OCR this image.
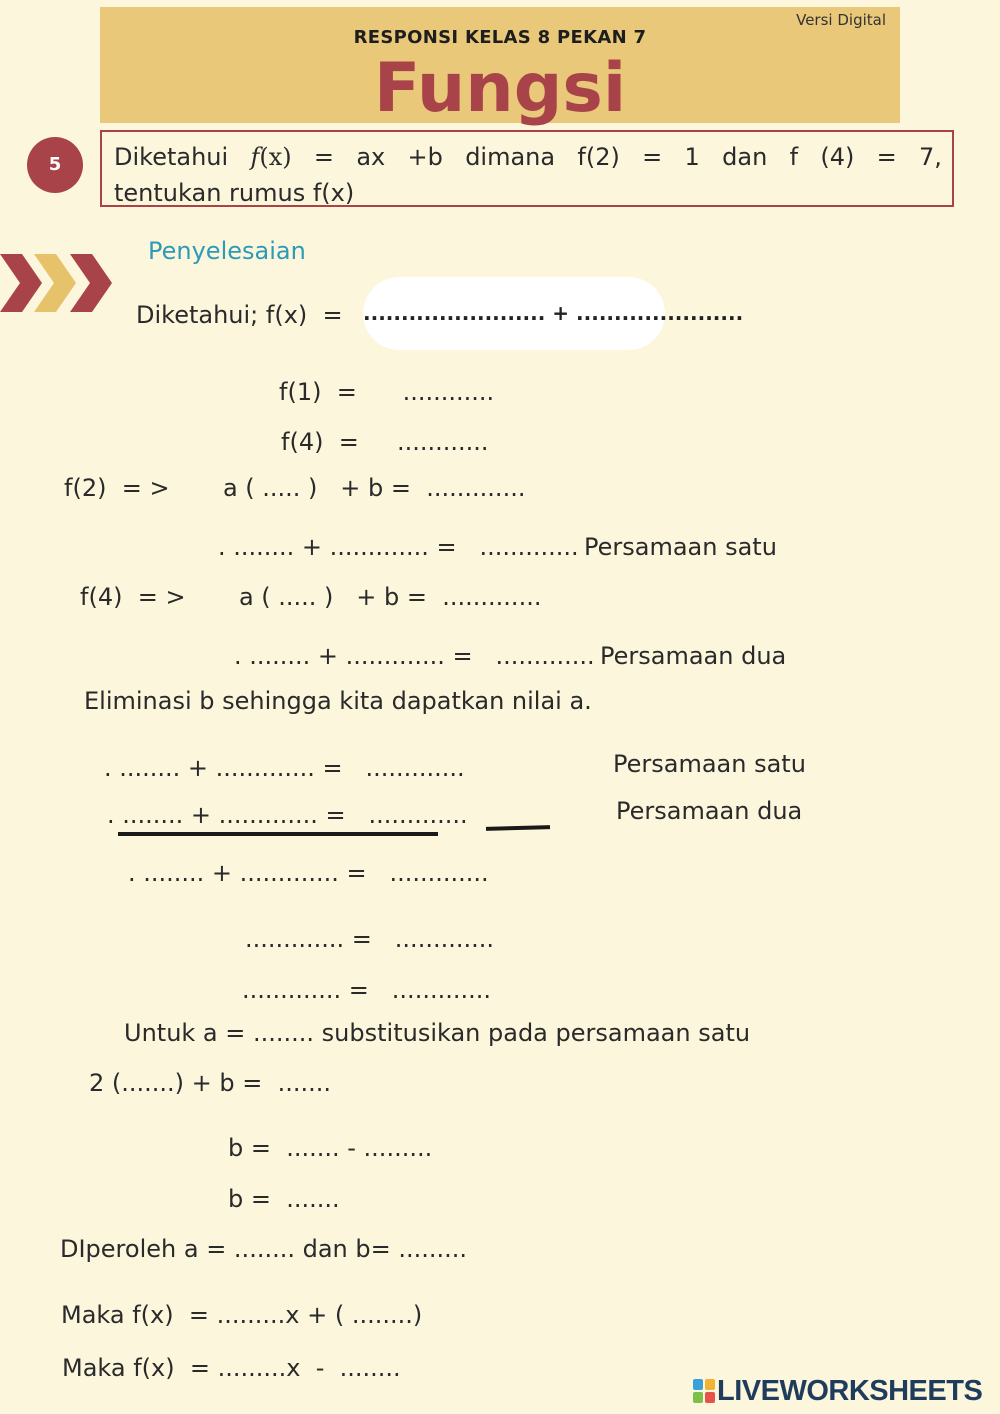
Versi Digital
RESPONSI KELAS 8 PEKAN 7
Fungsi
5	Diketahui 𝑓(x) = ax +b dimana f(2) = 1 dan f (4) = 7,
tentukan rumus f(x)
Penyelesaian
Diketahui; f(x)  = ........................ + ......................
f(1)  =      ............
f(4)  =     ............
f(2)  = >       a ( ..... )   + b =  .............
. ........ + ............. =   ............. Persamaan satu
f(4)  = >       a ( ..... )   + b =  .............
. ........ + ............. =   ............. Persamaan dua
Eliminasi b sehingga kita dapatkan nilai a.
. ........ + ............. =   .............	Persamaan satu
. ........ + ............. =   .............	Persamaan dua
. ........ + ............. =   .............
............. =   .............
............. =   .............
Untuk a = ........ substitusikan pada persamaan satu
2 (.......) + b =  .......
b =  ....... - .........
b =  .......
DIperoleh a = ........ dan b= .........
Maka f(x)  = .........x + ( ........)
Maka f(x)  = .........x  -  ........
LIVEWORKSHEETS
